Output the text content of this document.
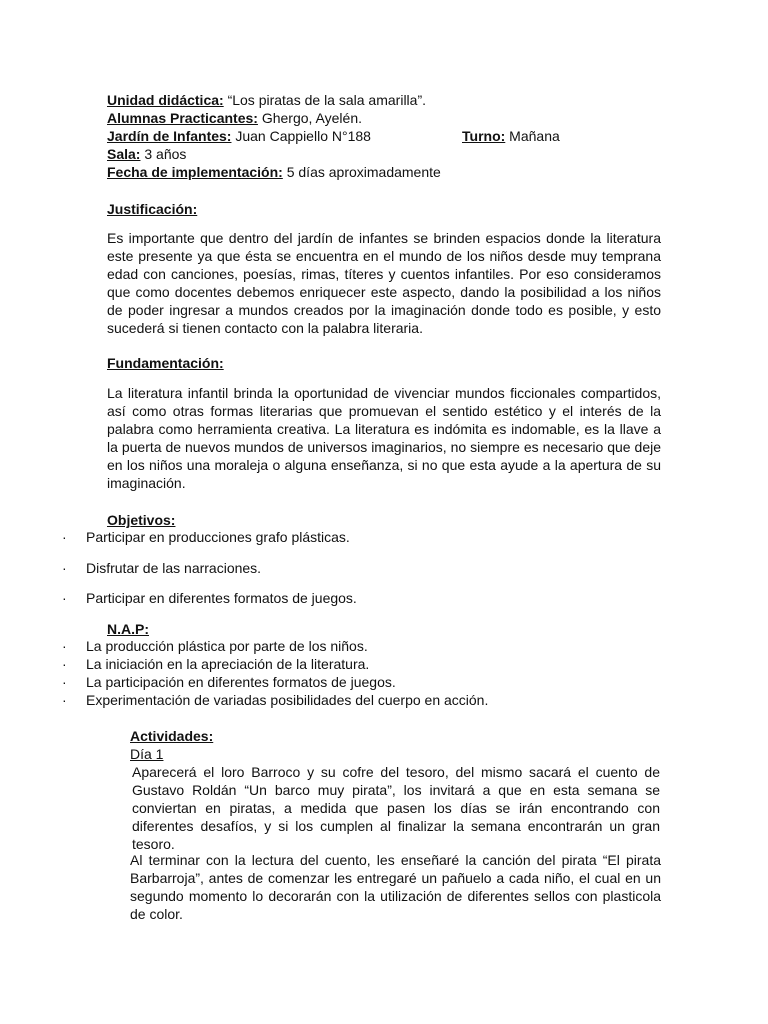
Unidad didáctica: “Los piratas de la sala amarilla”.
Alumnas Practicantes: Ghergo, Ayelén.
Jardín de Infantes: Juan Cappiello N°188	Turno: Mañana
Sala: 3 años
Fecha de implementación: 5 días aproximadamente
Justificación:
Es importante que dentro del jardín de infantes se brinden espacios donde la literatura este presente ya que ésta se encuentra en el mundo de los niños desde muy temprana edad con canciones, poesías, rimas, títeres y cuentos infantiles. Por eso consideramos que como docentes debemos enriquecer este aspecto, dando la posibilidad a los niños de poder ingresar a mundos creados por la imaginación donde todo es posible, y esto sucederá si tienen contacto con la palabra literaria.
Fundamentación:
La literatura infantil brinda la oportunidad de vivenciar mundos ficcionales compartidos, así como otras formas literarias que promuevan el sentido estético y el interés de la palabra como herramienta creativa. La literatura es indómita es indomable, es la llave a la puerta de nuevos mundos de universos imaginarios, no siempre es necesario que deje en los niños una moraleja o alguna enseñanza, si no que esta ayude a la apertura de su imaginación.
Objetivos:
· Participar en producciones grafo plásticas.
· Disfrutar de las narraciones.
· Participar en diferentes formatos de juegos.
N.A.P:
· La producción plástica por parte de los niños.
· La iniciación en la apreciación de la literatura.
· La participación en diferentes formatos de juegos.
· Experimentación de variadas posibilidades del cuerpo en acción.
Actividades:
Día 1
Aparecerá el loro Barroco y su cofre del tesoro, del mismo sacará el cuento de Gustavo Roldán “Un barco muy pirata”, los invitará a que en esta semana se conviertan en piratas, a medida que pasen los días se irán encontrando con diferentes desafíos, y si los cumplen al finalizar la semana encontrarán un gran tesoro.
Al terminar con la lectura del cuento, les enseñaré la canción del pirata “El pirata Barbarroja”, antes de comenzar les entregaré un pañuelo a cada niño, el cual en un segundo momento lo decorarán con la utilización de diferentes sellos con plasticola de color.
